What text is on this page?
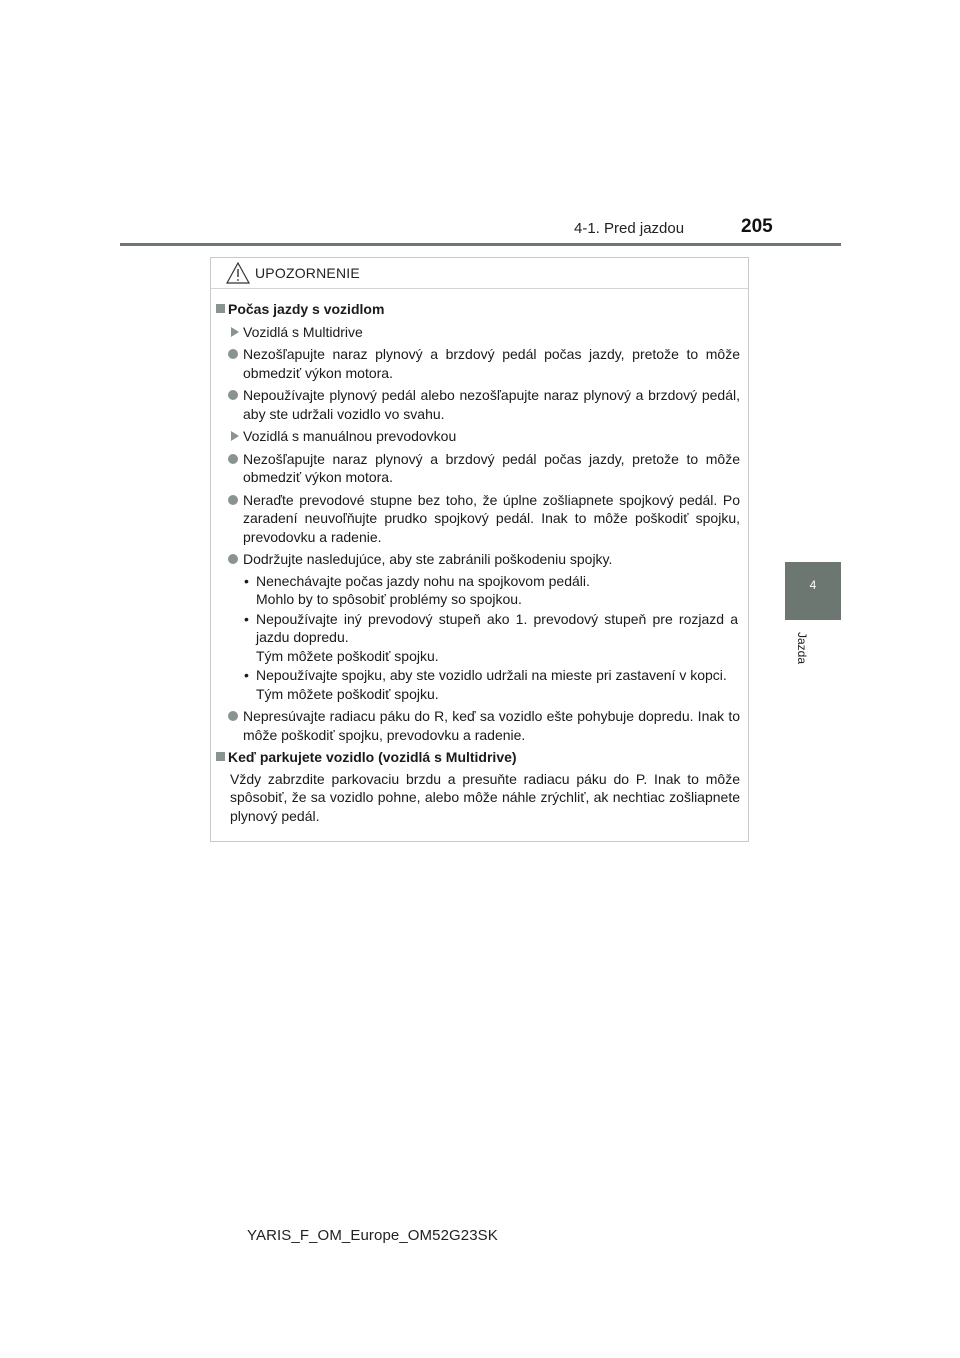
4-1. Pred jazdou	205
4
Jazda
UPOZORNENIE
Počas jazdy s vozidlom
Vozidlá s Multidrive
Nezošľapujte naraz plynový a brzdový pedál počas jazdy, pretože to môže obmedziť výkon motora.
Nepoužívajte plynový pedál alebo nezošľapujte naraz plynový a brzdový pedál, aby ste udržali vozidlo vo svahu.
Vozidlá s manuálnou prevodovkou
Nezošľapujte naraz plynový a brzdový pedál počas jazdy, pretože to môže obmedziť výkon motora.
Neraďte prevodové stupne bez toho, že úplne zošliapnete spojkový pedál. Po zaradení neuvoľňujte prudko spojkový pedál. Inak to môže poškodiť spojku, prevodovku a radenie.
Dodržujte nasledujúce, aby ste zabránili poškodeniu spojky.
• Nenechávajte počas jazdy nohu na spojkovom pedáli.
Mohlo by to spôsobiť problémy so spojkou.
• Nepoužívajte iný prevodový stupeň ako 1. prevodový stupeň pre rozjazd a jazdu dopredu.
Tým môžete poškodiť spojku.
• Nepoužívajte spojku, aby ste vozidlo udržali na mieste pri zastavení v kopci.
Tým môžete poškodiť spojku.
Nepresúvajte radiacu páku do R, keď sa vozidlo ešte pohybuje dopredu. Inak to môže poškodiť spojku, prevodovku a radenie.
Keď parkujete vozidlo (vozidlá s Multidrive)
Vždy zabrzdite parkovaciu brzdu a presuňte radiacu páku do P. Inak to môže spôsobiť, že sa vozidlo pohne, alebo môže náhle zrýchliť, ak nechtiac zošliapnete plynový pedál.
YARIS_F_OM_Europe_OM52G23SK
